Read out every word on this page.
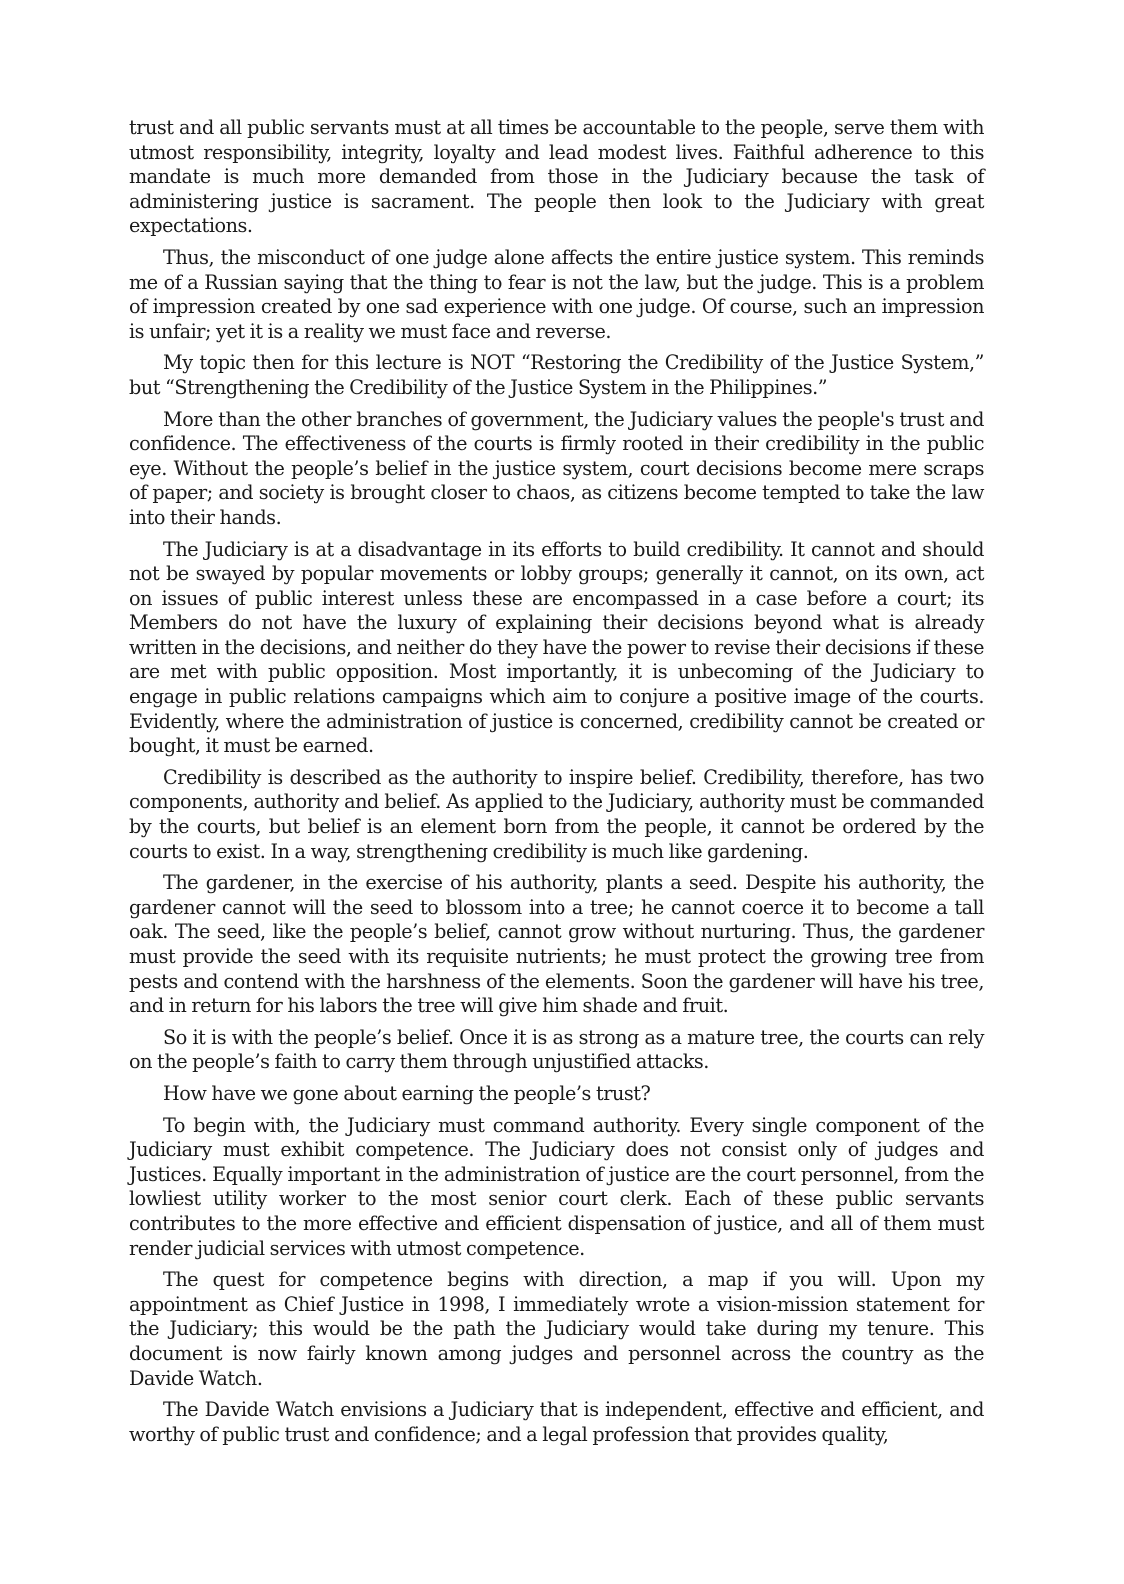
trust and all public servants must at all times be accountable to the people, serve them with utmost responsibility, integrity, loyalty and lead modest lives. Faithful adherence to this mandate is much more demanded from those in the Judiciary because the task of administering justice is sacrament. The people then look to the Judiciary with great expectations.

Thus, the misconduct of one judge alone affects the entire justice system. This reminds me of a Russian saying that the thing to fear is not the law, but the judge. This is a problem of impression created by one sad experience with one judge. Of course, such an impression is unfair; yet it is a reality we must face and reverse.

My topic then for this lecture is NOT “Restoring the Credibility of the Justice System,” but “Strengthening the Credibility of the Justice System in the Philippines.”

More than the other branches of government, the Judiciary values the people's trust and confidence. The effectiveness of the courts is firmly rooted in their credibility in the public eye. Without the people’s belief in the justice system, court decisions become mere scraps of paper; and society is brought closer to chaos, as citizens become tempted to take the law into their hands.

The Judiciary is at a disadvantage in its efforts to build credibility. It cannot and should not be swayed by popular movements or lobby groups; generally it cannot, on its own, act on issues of public interest unless these are encompassed in a case before a court; its Members do not have the luxury of explaining their decisions beyond what is already written in the decisions, and neither do they have the power to revise their decisions if these are met with public opposition. Most importantly, it is unbecoming of the Judiciary to engage in public relations campaigns which aim to conjure a positive image of the courts. Evidently, where the administration of justice is concerned, credibility cannot be created or bought, it must be earned.

Credibility is described as the authority to inspire belief. Credibility, therefore, has two components, authority and belief. As applied to the Judiciary, authority must be commanded by the courts, but belief is an element born from the people, it cannot be ordered by the courts to exist. In a way, strengthening credibility is much like gardening.

The gardener, in the exercise of his authority, plants a seed. Despite his authority, the gardener cannot will the seed to blossom into a tree; he cannot coerce it to become a tall oak. The seed, like the people’s belief, cannot grow without nurturing. Thus, the gardener must provide the seed with its requisite nutrients; he must protect the growing tree from pests and contend with the harshness of the elements. Soon the gardener will have his tree, and in return for his labors the tree will give him shade and fruit.

So it is with the people’s belief. Once it is as strong as a mature tree, the courts can rely on the people’s faith to carry them through unjustified attacks.

How have we gone about earning the people’s trust?

To begin with, the Judiciary must command authority. Every single component of the Judiciary must exhibit competence. The Judiciary does not consist only of judges and Justices. Equally important in the administration of justice are the court personnel, from the lowliest utility worker to the most senior court clerk. Each of these public servants contributes to the more effective and efficient dispensation of justice, and all of them must render judicial services with utmost competence.

The quest for competence begins with direction, a map if you will. Upon my appointment as Chief Justice in 1998, I immediately wrote a vision-mission statement for the Judiciary; this would be the path the Judiciary would take during my tenure. This document is now fairly known among judges and personnel across the country as the Davide Watch.

The Davide Watch envisions a Judiciary that is independent, effective and efficient, and worthy of public trust and confidence; and a legal profession that provides quality,
